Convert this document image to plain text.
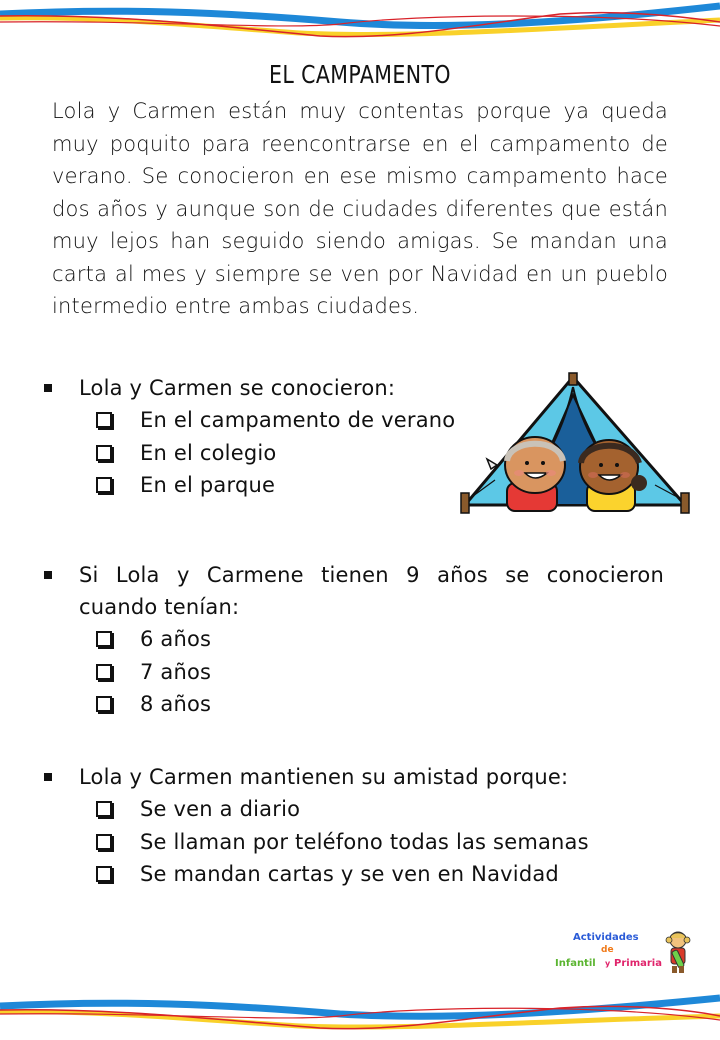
EL CAMPAMENTO
Lola y Carmen están muy contentas porque ya queda muy poquito para reencontrarse en el campamento de verano. Se conocieron en ese mismo campamento hace dos años y aunque son de ciudades diferentes que están muy lejos han seguido siendo amigas. Se mandan una carta al mes y siempre se ven por Navidad en un pueblo intermedio entre ambas ciudades.
Lola y Carmen se conocieron:
En el campamento de verano
En el colegio
En el parque
Si Lola y Carmene tienen 9 años se conocieron cuando tenían:
6 años
7 años
8 años
Lola y Carmen mantienen su amistad porque:
Se ven a diario
Se llaman por teléfono todas las semanas
Se mandan cartas y se ven en Navidad
Actividades
de
Infantil y Primaria
